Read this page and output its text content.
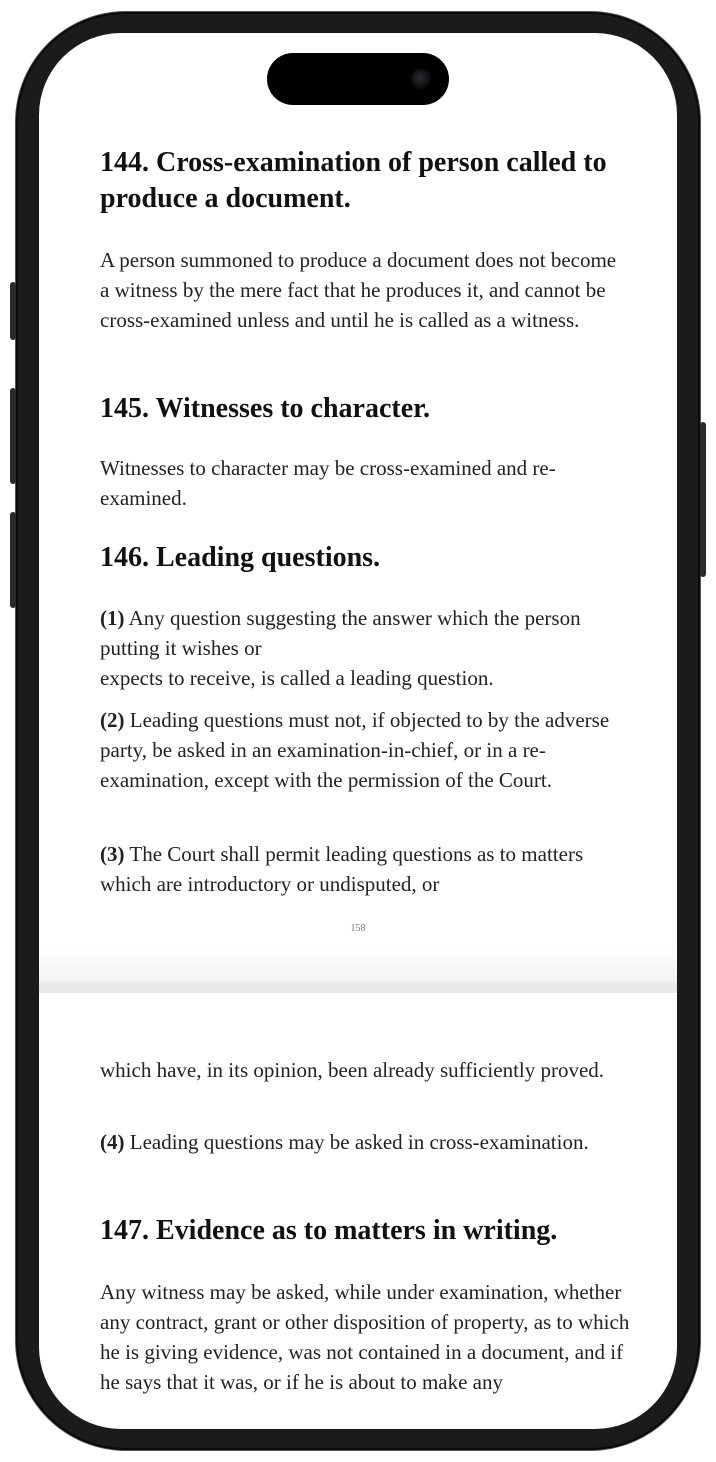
144. Cross-examination of person called to produce a document.

A person summoned to produce a document does not become a witness by the mere fact that he produces it, and cannot be cross-examined unless and until he is called as a witness.

145. Witnesses to character.

Witnesses to character may be cross-examined and re-examined.

146. Leading questions.

(1) Any question suggesting the answer which the person putting it wishes or

expects to receive, is called a leading question.

(2) Leading questions must not, if objected to by the adverse party, be asked in an examination-in-chief, or in a re-examination, except with the permission of the Court.

(3) The Court shall permit leading questions as to matters which are introductory or undisputed, or

158

which have, in its opinion, been already sufficiently proved.

(4) Leading questions may be asked in cross-examination.

147. Evidence as to matters in writing.

Any witness may be asked, while under examination, whether any contract, grant or other disposition of property, as to which he is giving evidence, was not contained in a document, and if he says that it was, or if he is about to make any
